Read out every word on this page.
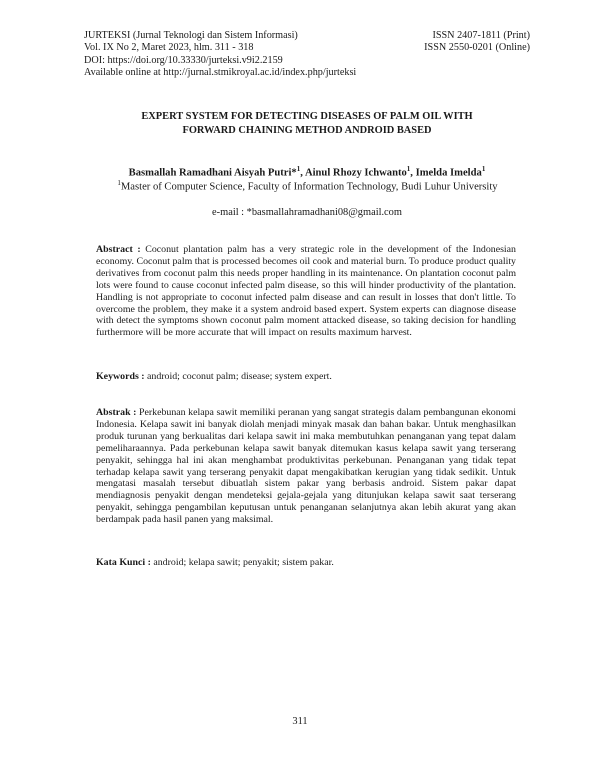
JURTEKSI (Jurnal Teknologi dan Sistem Informasi)	ISSN 2407-1811 (Print)
Vol. IX No 2, Maret 2023, hlm. 311 - 318	ISSN 2550-0201 (Online)
DOI: https://doi.org/10.33330/jurteksi.v9i2.2159
Available online at http://jurnal.stmikroyal.ac.id/index.php/jurteksi
EXPERT SYSTEM FOR DETECTING DISEASES OF PALM OIL WITH
FORWARD CHAINING METHOD ANDROID BASED
Basmallah Ramadhani Aisyah Putri*$^1$, Ainul Rhozy Ichwanto$^1$, Imelda Imelda$^1$
$^1$Master of Computer Science, Faculty of Information Technology, Budi Luhur University
e-mail : *basmallahramadhani08@gmail.com
Abstract : Coconut plantation palm has a very strategic role in the development of the Indonesian economy. Coconut palm that is processed becomes oil cook and material burn. To produce product quality derivatives from coconut palm this needs proper handling in its maintenance. On plantation coconut palm lots were found to cause coconut infected palm disease, so this will hinder productivity of the plantation. Handling is not appropriate to coconut infected palm disease and can result in losses that don't little. To overcome the problem, they make it a system android based expert. System experts can diagnose disease with detect the symptoms shown coconut palm moment attacked disease, so taking decision for handling furthermore will be more accurate that will impact on results maximum harvest.
Keywords : android; coconut palm; disease; system expert.
Abstrak : Perkebunan kelapa sawit memiliki peranan yang sangat strategis dalam pembangunan ekonomi Indonesia. Kelapa sawit ini banyak diolah menjadi minyak masak dan bahan bakar. Untuk menghasilkan produk turunan yang berkualitas dari kelapa sawit ini maka membutuhkan penanganan yang tepat dalam pemeliharaannya. Pada perkebunan kelapa sawit banyak ditemukan kasus kelapa sawit yang terserang penyakit, sehingga hal ini akan menghambat produktivitas perkebunan. Penanganan yang tidak tepat terhadap kelapa sawit yang terserang penyakit dapat mengakibatkan kerugian yang tidak sedikit. Untuk mengatasi masalah tersebut dibuatlah sistem pakar yang berbasis android. Sistem pakar dapat mendiagnosis penyakit dengan mendeteksi gejala-gejala yang ditunjukan kelapa sawit saat terserang penyakit, sehingga pengambilan keputusan untuk penanganan selanjutnya akan lebih akurat yang akan berdampak pada hasil panen yang maksimal.
Kata Kunci : android; kelapa sawit; penyakit; sistem pakar.
311
